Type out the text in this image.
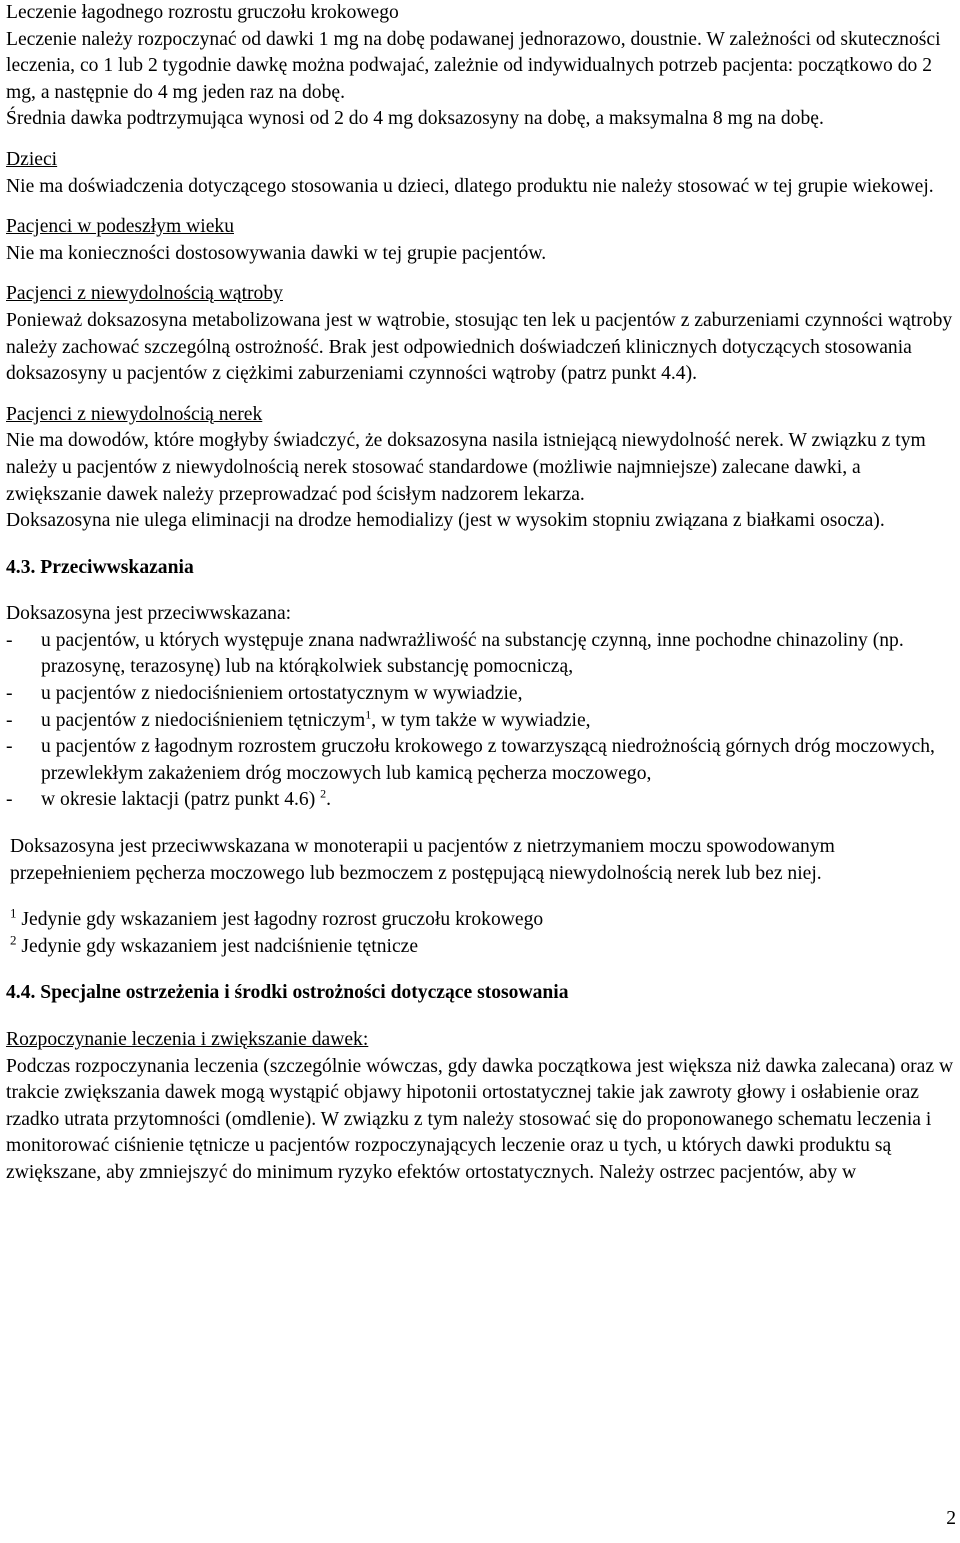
Leczenie łagodnego rozrostu gruczołu krokowego

Leczenie należy rozpoczynać od dawki 1 mg na dobę podawanej jednorazowo, doustnie. W zależności od skuteczności leczenia, co 1 lub 2 tygodnie dawkę można podwajać, zależnie od indywidualnych potrzeb pacjenta: początkowo do 2 mg, a następnie do 4 mg jeden raz na dobę.

Średnia dawka podtrzymująca wynosi od 2 do 4 mg doksazosyny na dobę, a maksymalna 8 mg na dobę.

Dzieci

Nie ma doświadczenia dotyczącego stosowania u dzieci, dlatego produktu nie należy stosować w tej grupie wiekowej.

Pacjenci w podeszłym wieku

Nie ma konieczności dostosowywania dawki w tej grupie pacjentów.

Pacjenci z niewydolnością wątroby

Ponieważ doksazosyna metabolizowana jest w wątrobie, stosując ten lek u pacjentów z zaburzeniami czynności wątroby należy zachować szczególną ostrożność. Brak jest odpowiednich doświadczeń klinicznych dotyczących stosowania doksazosyny u pacjentów z ciężkimi zaburzeniami czynności wątroby (patrz punkt 4.4).

Pacjenci z niewydolnością nerek

Nie ma dowodów, które mogłyby świadczyć, że doksazosyna nasila istniejącą niewydolność nerek. W związku z tym należy u pacjentów z niewydolnością nerek stosować standardowe (możliwie najmniejsze) zalecane dawki, a zwiększanie dawek należy przeprowadzać pod ścisłym nadzorem lekarza.

Doksazosyna nie ulega eliminacji na drodze hemodializy (jest w wysokim stopniu związana z białkami osocza).

4.3. Przeciwwskazania

Doksazosyna jest przeciwwskazana:

- u pacjentów, u których występuje znana nadwrażliwość na substancję czynną, inne pochodne chinazoliny (np. prazosynę, terazosynę) lub na którąkolwiek substancję pomocniczą,
- u pacjentów z niedociśnieniem ortostatycznym w wywiadzie,
- u pacjentów z niedociśnieniem tętniczym$^1$, w tym także w wywiadzie,
- u pacjentów z łagodnym rozrostem gruczołu krokowego z towarzyszącą niedrożnością górnych dróg moczowych, przewlekłym zakażeniem dróg moczowych lub kamicą pęcherza moczowego,
- w okresie laktacji (patrz punkt 4.6) $^2$.

Doksazosyna jest przeciwwskazana w monoterapii u pacjentów z nietrzymaniem moczu spowodowanym przepełnieniem pęcherza moczowego lub bezmoczem z postępującą niewydolnością nerek lub bez niej.

$^1$ Jedynie gdy wskazaniem jest łagodny rozrost gruczołu krokowego
$^2$ Jedynie gdy wskazaniem jest nadciśnienie tętnicze

4.4. Specjalne ostrzeżenia i środki ostrożności dotyczące stosowania

Rozpoczynanie leczenia i zwiększanie dawek:

Podczas rozpoczynania leczenia (szczególnie wówczas, gdy dawka początkowa jest większa niż dawka zalecana) oraz w trakcie zwiększania dawek mogą wystąpić objawy hipotonii ortostatycznej takie jak zawroty głowy i osłabienie oraz rzadko utrata przytomności (omdlenie). W związku z tym należy stosować się do proponowanego schematu leczenia i monitorować ciśnienie tętnicze u pacjentów rozpoczynających leczenie oraz u tych, u których dawki produktu są zwiększane, aby zmniejszyć do minimum ryzyko efektów ortostatycznych. Należy ostrzec pacjentów, aby w

2
